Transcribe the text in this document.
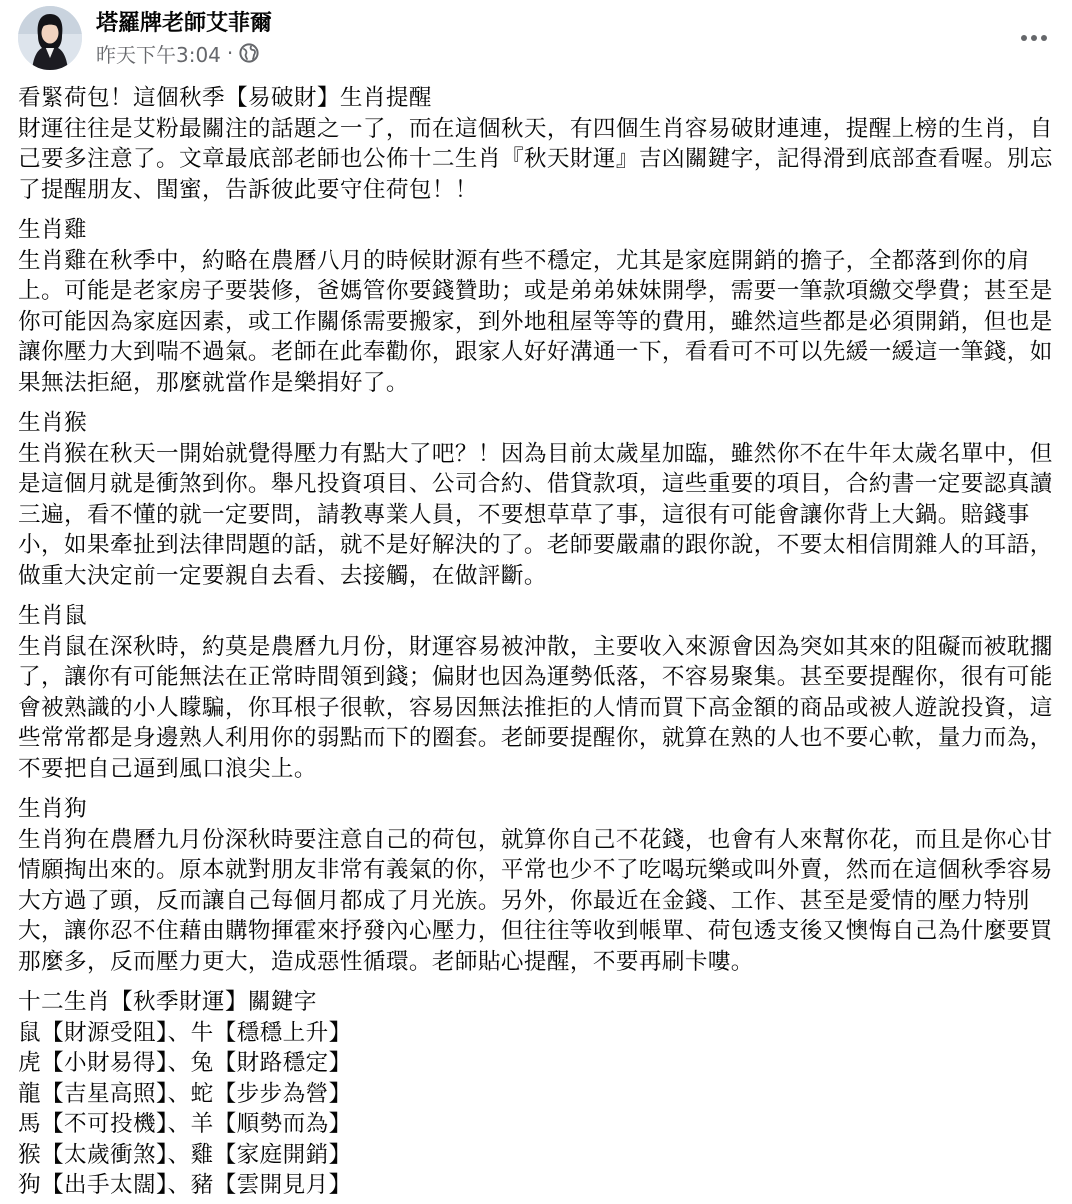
塔羅牌老師艾菲爾
昨天下午3:04 ·

看緊荷包！這個秋季【易破財】生肖提醒

財運往往是艾粉最關注的話題之一了，而在這個秋天，有四個生肖容易破財連連，提醒上榜的生肖，自己要多注意了。文章最底部老師也公佈十二生肖『秋天財運』吉凶關鍵字，記得滑到底部查看喔。別忘了提醒朋友、閨蜜，告訴彼此要守住荷包！！

生肖雞

生肖雞在秋季中，約略在農曆八月的時候財源有些不穩定，尤其是家庭開銷的擔子，全都落到你的肩上。可能是老家房子要裝修，爸媽管你要錢贊助；或是弟弟妹妹開學，需要一筆款項繳交學費；甚至是你可能因為家庭因素，或工作關係需要搬家，到外地租屋等等的費用，雖然這些都是必須開銷，但也是讓你壓力大到喘不過氣。老師在此奉勸你，跟家人好好溝通一下，看看可不可以先緩一緩這一筆錢，如果無法拒絕，那麼就當作是樂捐好了。

生肖猴

生肖猴在秋天一開始就覺得壓力有點大了吧？！因為目前太歲星加臨，雖然你不在牛年太歲名單中，但是這個月就是衝煞到你。舉凡投資項目、公司合約、借貸款項，這些重要的項目，合約書一定要認真讀三遍，看不懂的就一定要問，請教專業人員，不要想草草了事，這很有可能會讓你背上大鍋。賠錢事小，如果牽扯到法律問題的話，就不是好解決的了。老師要嚴肅的跟你說，不要太相信閒雜人的耳語，做重大決定前一定要親自去看、去接觸，在做評斷。

生肖鼠

生肖鼠在深秋時，約莫是農曆九月份，財運容易被沖散，主要收入來源會因為突如其來的阻礙而被耽擱了，讓你有可能無法在正常時間領到錢；偏財也因為運勢低落，不容易聚集。甚至要提醒你，很有可能會被熟識的小人矇騙，你耳根子很軟，容易因無法推拒的人情而買下高金額的商品或被人遊說投資，這些常常都是身邊熟人利用你的弱點而下的圈套。老師要提醒你，就算在熟的人也不要心軟，量力而為，不要把自己逼到風口浪尖上。

生肖狗

生肖狗在農曆九月份深秋時要注意自己的荷包，就算你自己不花錢，也會有人來幫你花，而且是你心甘情願掏出來的。原本就對朋友非常有義氣的你，平常也少不了吃喝玩樂或叫外賣，然而在這個秋季容易大方過了頭，反而讓自己每個月都成了月光族。另外，你最近在金錢、工作、甚至是愛情的壓力特別大，讓你忍不住藉由購物揮霍來抒發內心壓力，但往往等收到帳單、荷包透支後又懊悔自己為什麼要買那麼多，反而壓力更大，造成惡性循環。老師貼心提醒，不要再刷卡嘍。

十二生肖【秋季財運】關鍵字

鼠【財源受阻】、牛【穩穩上升】

虎【小財易得】、兔【財路穩定】

龍【吉星高照】、蛇【步步為營】

馬【不可投機】、羊【順勢而為】

猴【太歲衝煞】、雞【家庭開銷】

狗【出手太闊】、豬【雲開見月】
